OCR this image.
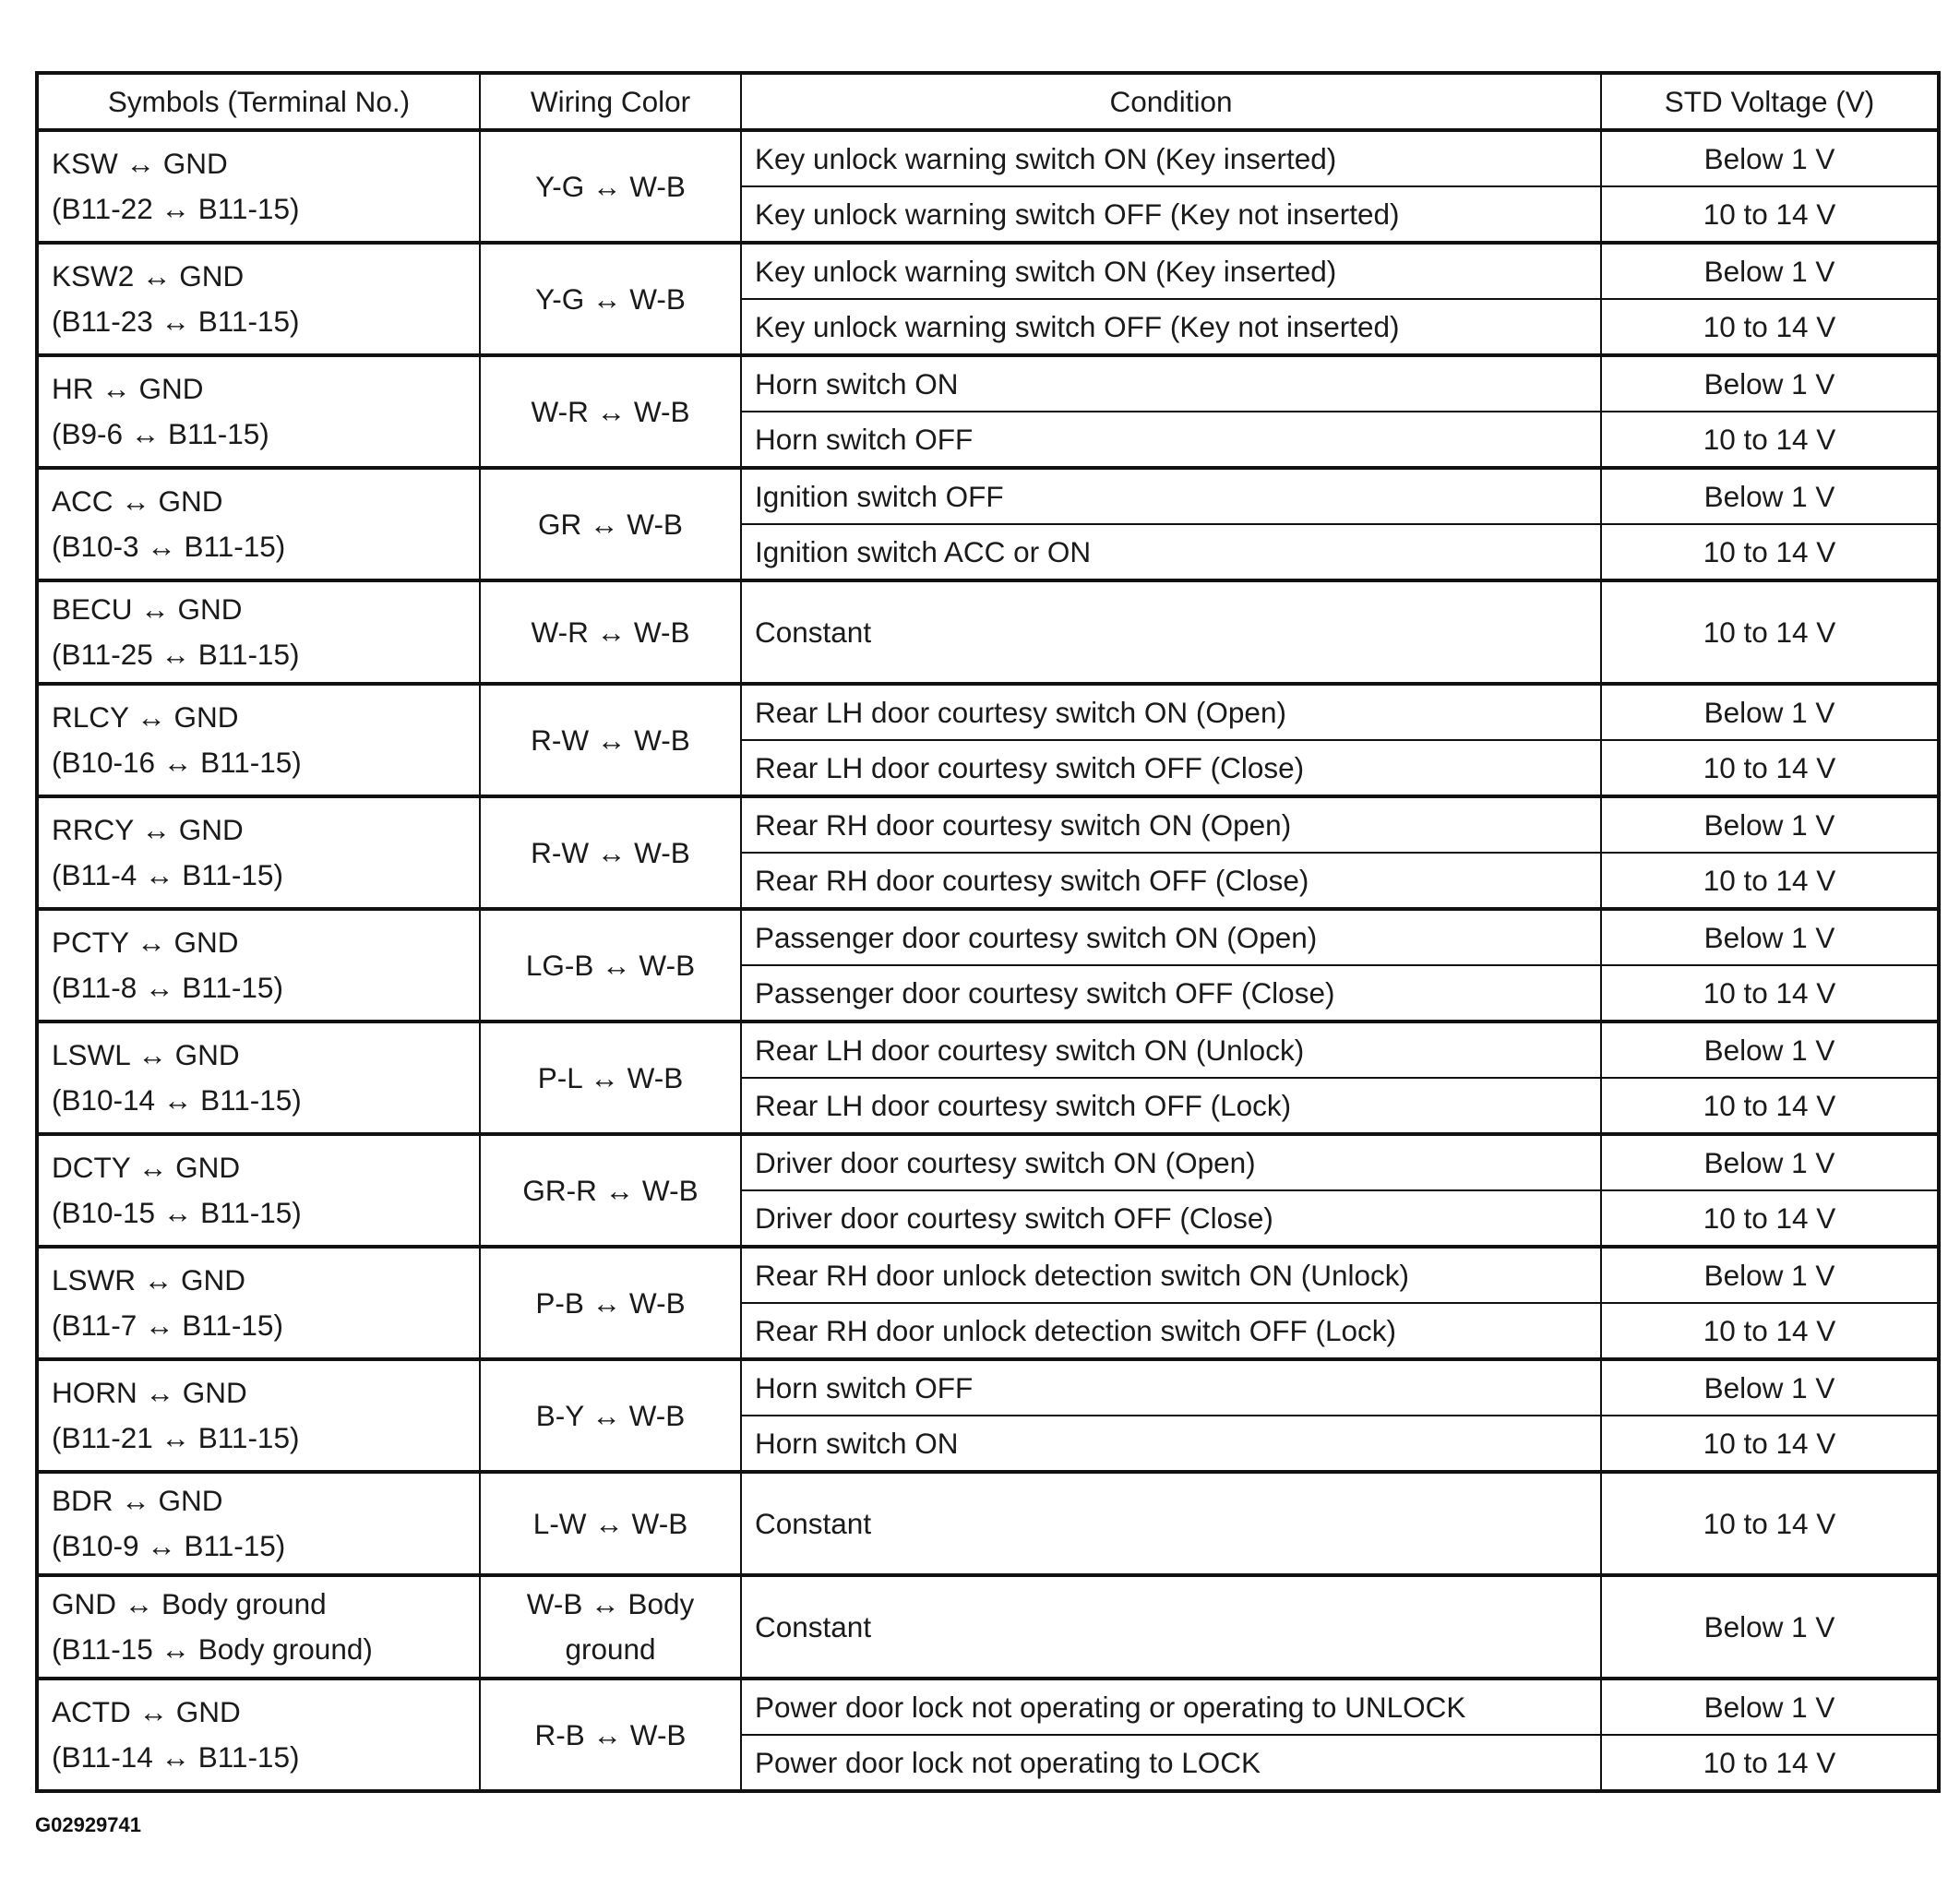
Symbols (Terminal No.)	Wiring Color	Condition	STD Voltage (V)

KSW ↔ GND
(B11-22 ↔ B11-15)	Y-G ↔ W-B	Key unlock warning switch ON (Key inserted)	Below 1 V
		Key unlock warning switch OFF (Key not inserted)	10 to 14 V

KSW2 ↔ GND
(B11-23 ↔ B11-15)	Y-G ↔ W-B	Key unlock warning switch ON (Key inserted)	Below 1 V
		Key unlock warning switch OFF (Key not inserted)	10 to 14 V

HR ↔ GND
(B9-6 ↔ B11-15)	W-R ↔ W-B	Horn switch ON	Below 1 V
		Horn switch OFF	10 to 14 V

ACC ↔ GND
(B10-3 ↔ B11-15)	GR ↔ W-B	Ignition switch OFF	Below 1 V
		Ignition switch ACC or ON	10 to 14 V

BECU ↔ GND
(B11-25 ↔ B11-15)	W-R ↔ W-B	Constant	10 to 14 V

RLCY ↔ GND
(B10-16 ↔ B11-15)	R-W ↔ W-B	Rear LH door courtesy switch ON (Open)	Below 1 V
		Rear LH door courtesy switch OFF (Close)	10 to 14 V

RRCY ↔ GND
(B11-4 ↔ B11-15)	R-W ↔ W-B	Rear RH door courtesy switch ON (Open)	Below 1 V
		Rear RH door courtesy switch OFF (Close)	10 to 14 V

PCTY ↔ GND
(B11-8 ↔ B11-15)	LG-B ↔ W-B	Passenger door courtesy switch ON (Open)	Below 1 V
		Passenger door courtesy switch OFF (Close)	10 to 14 V

LSWL ↔ GND
(B10-14 ↔ B11-15)	P-L ↔ W-B	Rear LH door courtesy switch ON (Unlock)	Below 1 V
		Rear LH door courtesy switch OFF (Lock)	10 to 14 V

DCTY ↔ GND
(B10-15 ↔ B11-15)	GR-R ↔ W-B	Driver door courtesy switch ON (Open)	Below 1 V
		Driver door courtesy switch OFF (Close)	10 to 14 V

LSWR ↔ GND
(B11-7 ↔ B11-15)	P-B ↔ W-B	Rear RH door unlock detection switch ON (Unlock)	Below 1 V
		Rear RH door unlock detection switch OFF (Lock)	10 to 14 V

HORN ↔ GND
(B11-21 ↔ B11-15)	B-Y ↔ W-B	Horn switch OFF	Below 1 V
		Horn switch ON	10 to 14 V

BDR ↔ GND
(B10-9 ↔ B11-15)	L-W ↔ W-B	Constant	10 to 14 V

GND ↔ Body ground
(B11-15 ↔ Body ground)	W-B ↔ Body ground	Constant	Below 1 V

ACTD ↔ GND
(B11-14 ↔ B11-15)	R-B ↔ W-B	Power door lock not operating or operating to UNLOCK	Below 1 V
		Power door lock not operating to LOCK	10 to 14 V
G02929741
